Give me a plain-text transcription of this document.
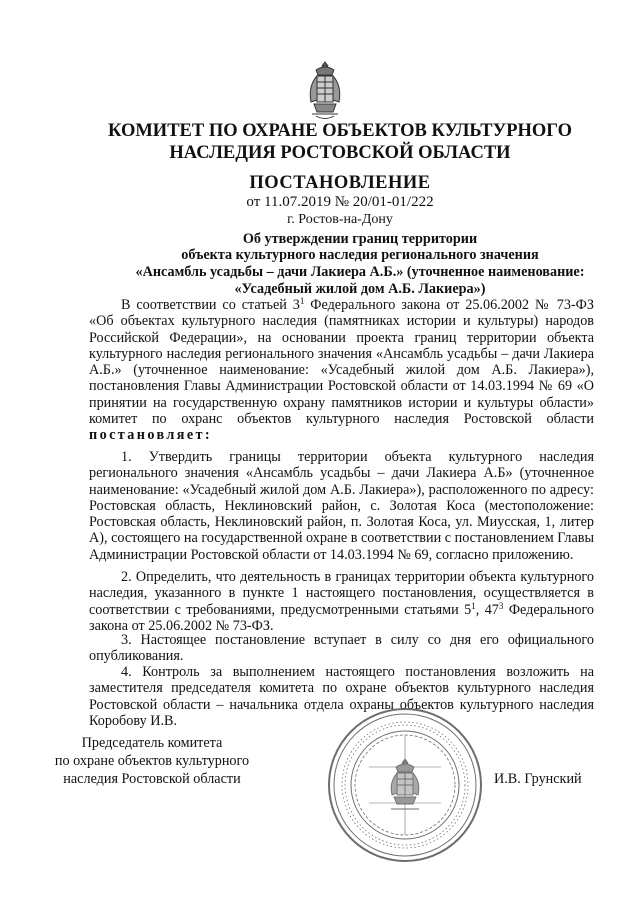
КОМИТЕТ ПО ОХРАНЕ ОБЪЕКТОВ КУЛЬТУРНОГО
НАСЛЕДИЯ РОСТОВСКОЙ ОБЛАСТИ
ПОСТАНОВЛЕНИЕ
от 11.07.2019 № 20/01-01/222
г. Ростов-на-Дону
Об утверждении границ территории
объекта культурного наследия регионального значения
«Ансамбль усадьбы – дачи Лакиера А.Б.» (уточненное наименование:
«Усадебный жилой дом А.Б. Лакиера»)
В соответствии со статьей $3^1$ Федерального закона от 25.06.2002 № 73-ФЗ «Об объектах культурного наследия (памятниках истории и культуры) народов Российской Федерации», на основании проекта границ территории объекта культурного наследия регионального значения «Ансамбль усадьбы – дачи Лакиера А.Б.» (уточненное наименование: «Усадебный жилой дом А.Б. Лакиера»), постановления Главы Администрации Ростовской области от 14.03.1994 № 69 «О принятии на государственную охрану памятников истории и культуры области» комитет по охранс объектов культурного наследия Ростовской области постановляет:
1. Утвердить границы территории объекта культурного наследия регионального значения «Ансамбль усадьбы – дачи Лакиера А.Б» (уточненное наименование: «Усадебный жилой дом А.Б. Лакиера»), расположенного по адресу: Ростовская область, Неклиновский район, с. Золотая Коса (местоположение: Ростовская область, Неклиновский район, п. Золотая Коса, ул. Миусская, 1, литер А), состоящего на государственной охране в соответствии с постановлением Главы Администрации Ростовской области от 14.03.1994 № 69, согласно приложению.
2. Определить, что деятельность в границах территории объекта культурного наследия, указанного в пункте 1 настоящего постановления, осуществляется в соответствии с требованиями, предусмотренными статьями $5^1$, $47^3$ Федерального закона от 25.06.2002 № 73-ФЗ.
3. Настоящее постановление вступает в силу со дня его официального опубликования.
4. Контроль за выполнением настоящего постановления возложить на заместителя председателя комитета по охране объектов культурного наследия Ростовской области – начальника отдела охраны объектов культурного наследия Коробову И.В.
Председатель комитета
по охране объектов культурного
наследия Ростовской области	И.В. Грунский
